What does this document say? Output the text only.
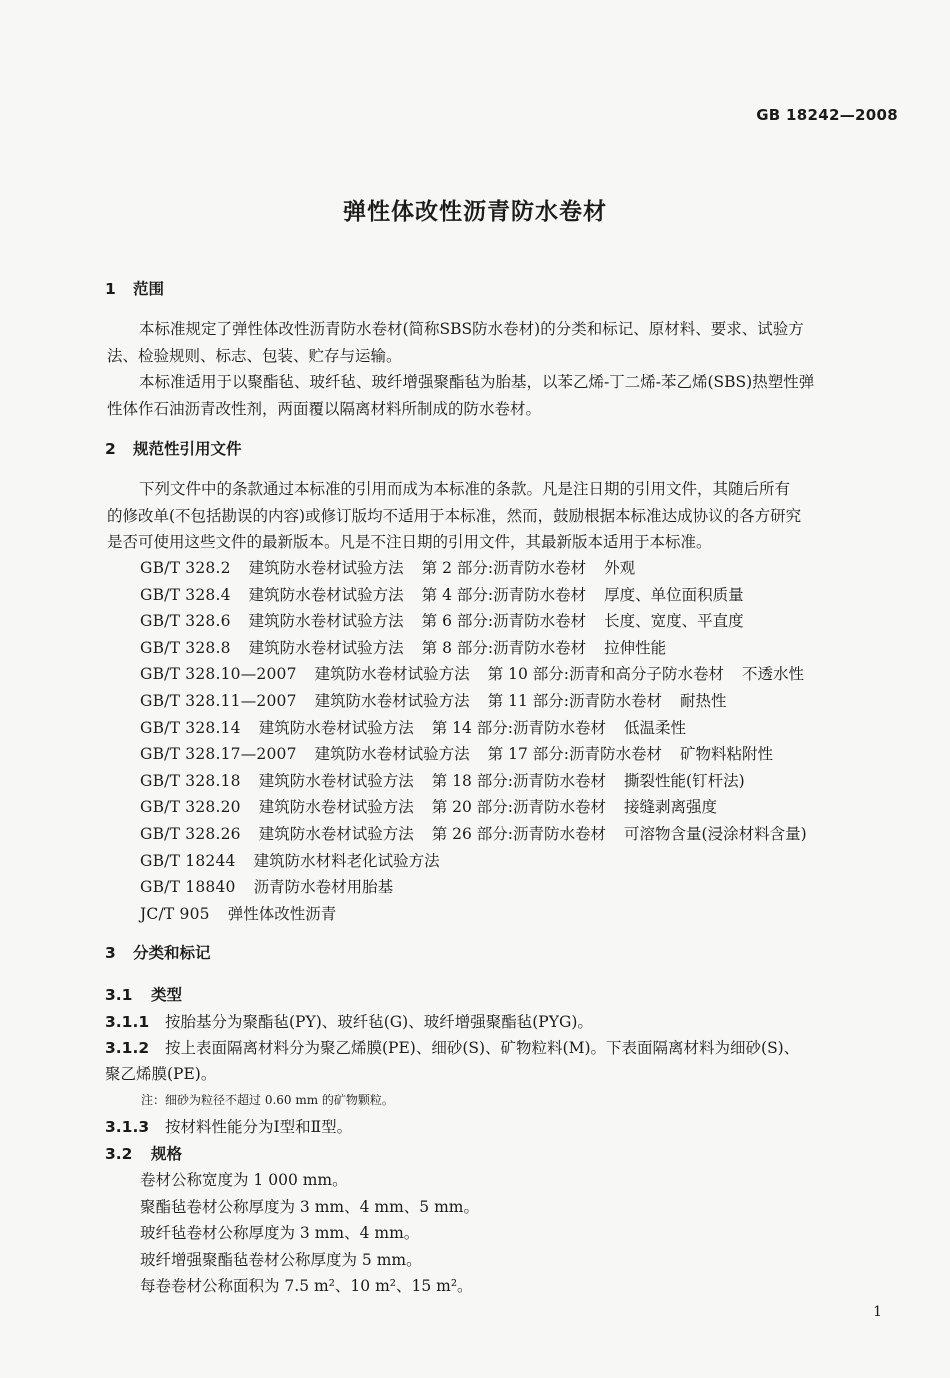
GB 18242—2008
弹性体改性沥青防水卷材
1 范围
本标准规定了弹性体改性沥青防水卷材(简称SBS防水卷材)的分类和标记、原材料、要求、试验方
法、检验规则、标志、包装、贮存与运输。
本标准适用于以聚酯毡、玻纤毡、玻纤增强聚酯毡为胎基，以苯乙烯-丁二烯-苯乙烯(SBS)热塑性弹
性体作石油沥青改性剂，两面覆以隔离材料所制成的防水卷材。
2 规范性引用文件
下列文件中的条款通过本标准的引用而成为本标准的条款。凡是注日期的引用文件，其随后所有
的修改单(不包括勘误的内容)或修订版均不适用于本标准，然而，鼓励根据本标准达成协议的各方研究
是否可使用这些文件的最新版本。凡是不注日期的引用文件，其最新版本适用于本标准。
GB/T 328.2 建筑防水卷材试验方法 第 2 部分:沥青防水卷材 外观
GB/T 328.4 建筑防水卷材试验方法 第 4 部分:沥青防水卷材 厚度、单位面积质量
GB/T 328.6 建筑防水卷材试验方法 第 6 部分:沥青防水卷材 长度、宽度、平直度
GB/T 328.8 建筑防水卷材试验方法 第 8 部分:沥青防水卷材 拉伸性能
GB/T 328.10—2007 建筑防水卷材试验方法 第 10 部分:沥青和高分子防水卷材 不透水性
GB/T 328.11—2007 建筑防水卷材试验方法 第 11 部分:沥青防水卷材 耐热性
GB/T 328.14 建筑防水卷材试验方法 第 14 部分:沥青防水卷材 低温柔性
GB/T 328.17—2007 建筑防水卷材试验方法 第 17 部分:沥青防水卷材 矿物料粘附性
GB/T 328.18 建筑防水卷材试验方法 第 18 部分:沥青防水卷材 撕裂性能(钉杆法)
GB/T 328.20 建筑防水卷材试验方法 第 20 部分:沥青防水卷材 接缝剥离强度
GB/T 328.26 建筑防水卷材试验方法 第 26 部分:沥青防水卷材 可溶物含量(浸涂材料含量)
GB/T 18244 建筑防水材料老化试验方法
GB/T 18840 沥青防水卷材用胎基
JC/T 905 弹性体改性沥青
3 分类和标记
3.1 类型
3.1.1 按胎基分为聚酯毡(PY)、玻纤毡(G)、玻纤增强聚酯毡(PYG)。
3.1.2 按上表面隔离材料分为聚乙烯膜(PE)、细砂(S)、矿物粒料(M)。下表面隔离材料为细砂(S)、
聚乙烯膜(PE)。
注：细砂为粒径不超过 0.60 mm 的矿物颗粒。
3.1.3 按材料性能分为Ⅰ型和Ⅱ型。
3.2 规格
卷材公称宽度为 1 000 mm。
聚酯毡卷材公称厚度为 3 mm、4 mm、5 mm。
玻纤毡卷材公称厚度为 3 mm、4 mm。
玻纤增强聚酯毡卷材公称厚度为 5 mm。
每卷卷材公称面积为 7.5 m²、10 m²、15 m²。
1
